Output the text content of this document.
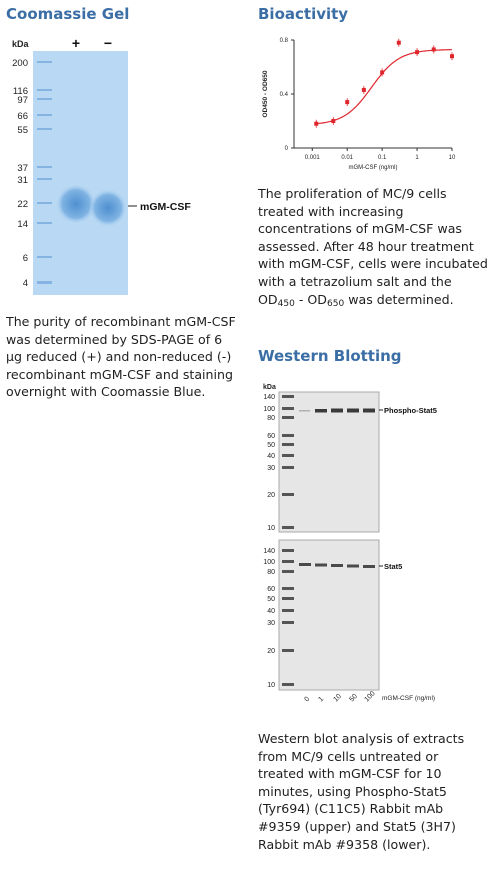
Coomassie Gel
kDa	+ −
200
116
97
66
55
37
31
22
14
6
4
mGM-CSF
The purity of recombinant mGM-CSF
was determined by SDS-PAGE of 6
µg reduced (+) and non-reduced (-)
recombinant mGM-CSF and staining
overnight with Coomassie Blue.
Bioactivity
0.001	0.01	0.1	1	10
0
0.4
0.8
mGM-CSF (ng/ml)
OD450 - OD650
The proliferation of MC/9 cells
treated with increasing
concentrations of mGM-CSF was
assessed. After 48 hour treatment
with mGM-CSF, cells were incubated
with a tetrazolium salt and the
$OD_{450} - OD_{650}$ was determined.
Western Blotting
kDa
140
100
80
60
50
40
30
20
10
Phospho-Stat5
140
100
80
60
50
40
30
20
10
Stat5
0 1 10 50 100 mGM-CSF (ng/ml)
Western blot analysis of extracts
from MC/9 cells untreated or
treated with mGM-CSF for 10
minutes, using Phospho-Stat5
(Tyr694) (C11C5) Rabbit mAb
#9359 (upper) and Stat5 (3H7)
Rabbit mAb #9358 (lower).
